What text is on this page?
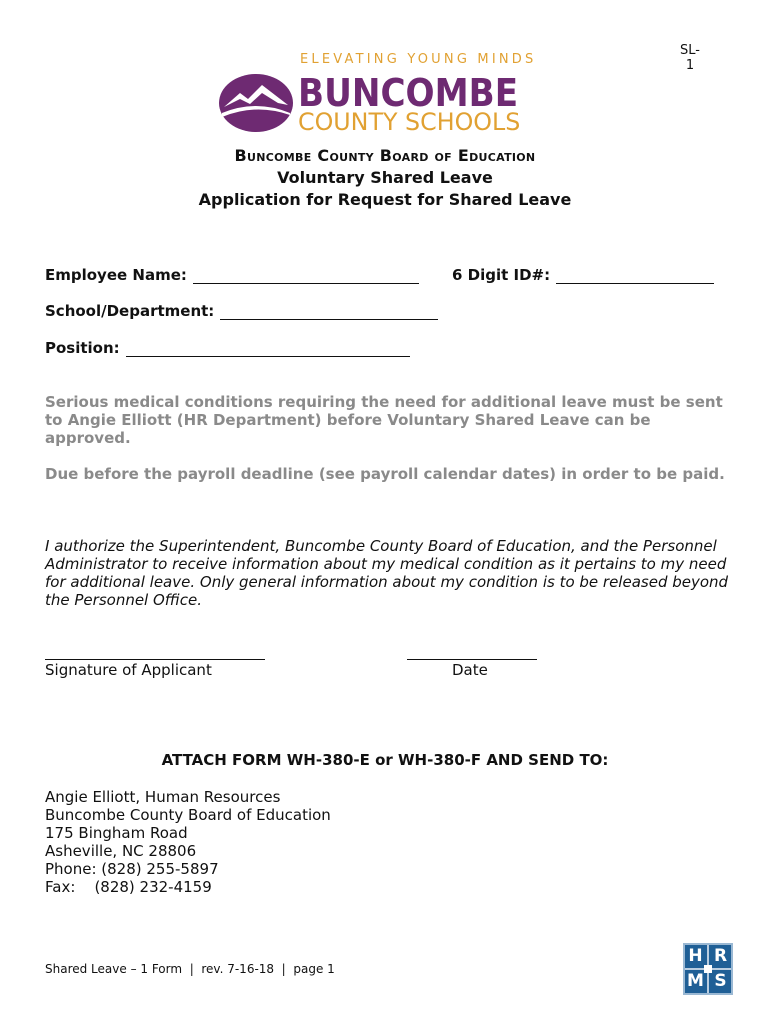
SL-
1
ELEVATING YOUNG MINDS
BUNCOMBE
COUNTY SCHOOLS
Buncombe County Board of Education
Voluntary Shared Leave
Application for Request for Shared Leave
Employee Name:	6 Digit ID#:
School/Department:
Position:
Serious medical conditions requiring the need for additional leave must be sent to Angie Elliott (HR Department) before Voluntary Shared Leave can be approved.
Due before the payroll deadline (see payroll calendar dates) in order to be paid.
I authorize the Superintendent, Buncombe County Board of Education, and the Personnel Administrator to receive information about my medical condition as it pertains to my need for additional leave. Only general information about my condition is to be released beyond the Personnel Office.
Signature of Applicant	Date
ATTACH FORM WH-380-E or WH-380-F AND SEND TO:
Angie Elliott, Human Resources
Buncombe County Board of Education
175 Bingham Road
Asheville, NC 28806
Phone: (828) 255-5897
Fax:    (828) 232-4159
Shared Leave – 1 Form  |  rev. 7-16-18  |  page 1
H R
M S
